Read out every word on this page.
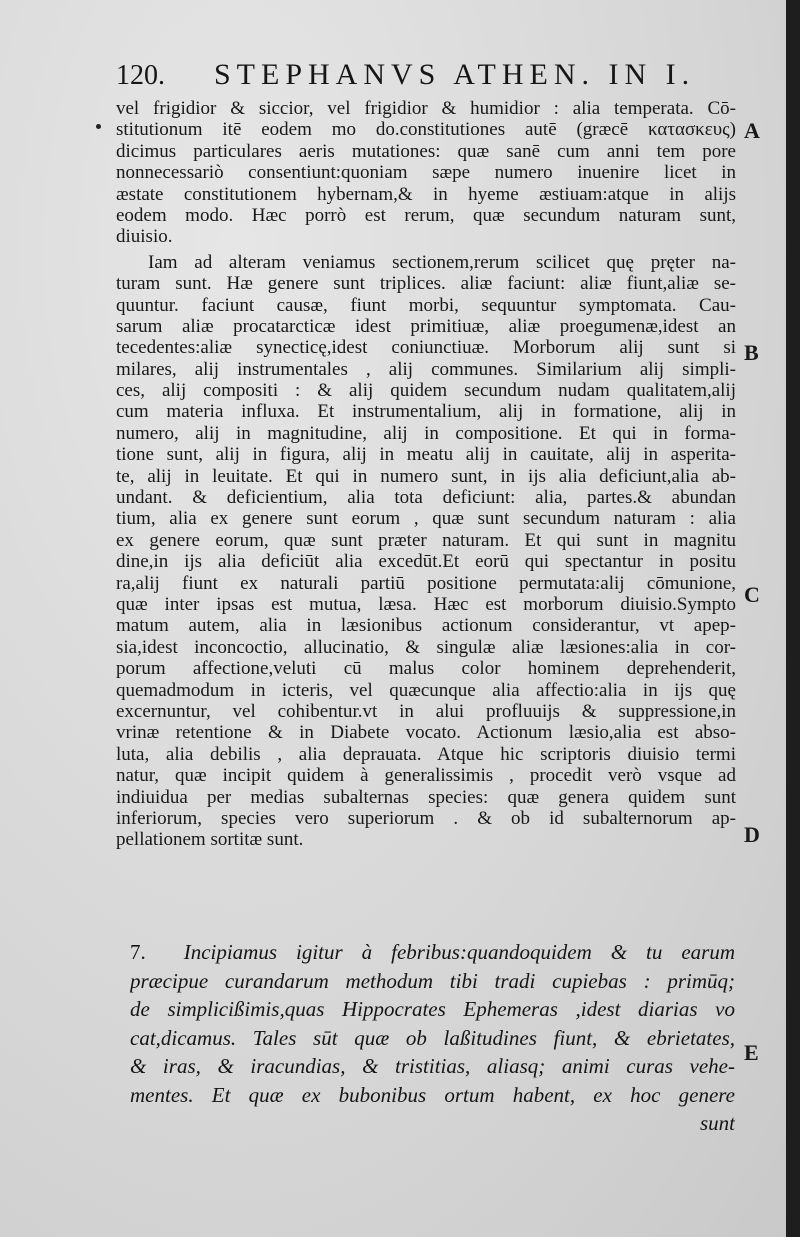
120. STEPHANVS ATHEN. IN I.
A
B
C
D
E
vel frigidior & siccior, vel frigidior & humidior : alia temperata. Cō-
stitutionum itē eodem mo do.constitutiones autē (græcē κατασκευς)
dicimus particulares aeris mutationes: quæ sanē cum anni tem pore
nonnecessariò consentiunt:quoniam sæpe numero inuenire licet in
æstate constitutionem hybernam,& in hyeme æstiuam:atque in alijs
eodem modo. Hæc porrò est rerum, quæ secundum naturam sunt,
diuisio.
Iam ad alteram veniamus sectionem,rerum scilicet quę pręter na-
turam sunt. Hæ genere sunt triplices. aliæ faciunt: aliæ fiunt,aliæ se-
quuntur. faciunt causæ, fiunt morbi, sequuntur symptomata. Cau-
sarum aliæ procatarcticæ idest primitiuæ, aliæ proegumenæ,idest an
tecedentes:aliæ synecticę,idest coniunctiuæ. Morborum alij sunt si
milares, alij instrumentales , alij communes. Similarium alij simpli-
ces, alij compositi : & alij quidem secundum nudam qualitatem,alij
cum materia influxa. Et instrumentalium, alij in formatione, alij in
numero, alij in magnitudine, alij in compositione. Et qui in forma-
tione sunt, alij in figura, alij in meatu alij in cauitate, alij in asperita-
te, alij in leuitate. Et qui in numero sunt, in ijs alia deficiunt,alia ab-
undant. & deficientium, alia tota deficiunt: alia, partes.& abundan
tium, alia ex genere sunt eorum , quæ sunt secundum naturam : alia
ex genere eorum, quæ sunt præter naturam. Et qui sunt in magnitu
dine,in ijs alia deficiūt alia excedūt.Et eorū qui spectantur in positu
ra,alij fiunt ex naturali partiū positione permutata:alij cōmunione,
quæ inter ipsas est mutua, læsa. Hæc est morborum diuisio.Sympto
matum autem, alia in læsionibus actionum considerantur, vt apep-
sia,idest inconcoctio, allucinatio, & singulæ aliæ læsiones:alia in cor-
porum affectione,veluti cū malus color hominem deprehenderit,
quemadmodum in icteris, vel quæcunque alia affectio:alia in ijs quę
excernuntur, vel cohibentur.vt in alui profluuijs & suppressione,in
vrinæ retentione & in Diabete vocato. Actionum læsio,alia est abso-
luta, alia debilis , alia deprauata. Atque hic scriptoris diuisio termi
natur, quæ incipit quidem à generalissimis , procedit verò vsque ad
indiuidua per medias subalternas species: quæ genera quidem sunt
inferiorum, species vero superiorum . & ob id subalternorum ap-
pellationem sortitæ sunt.
7. Incipiamus igitur à febribus:quandoquidem & tu earum
præcipue curandarum methodum tibi tradi cupiebas : primūq;
de simplicißimis,quas Hippocrates Ephemeras ,idest diarias vo
cat,dicamus. Tales sūt quæ ob laßitudines fiunt, & ebrietates,
& iras, & iracundias, & tristitias, aliasq; animi curas vehe-
mentes. Et quæ ex bubonibus ortum habent, ex hoc genere
sunt
